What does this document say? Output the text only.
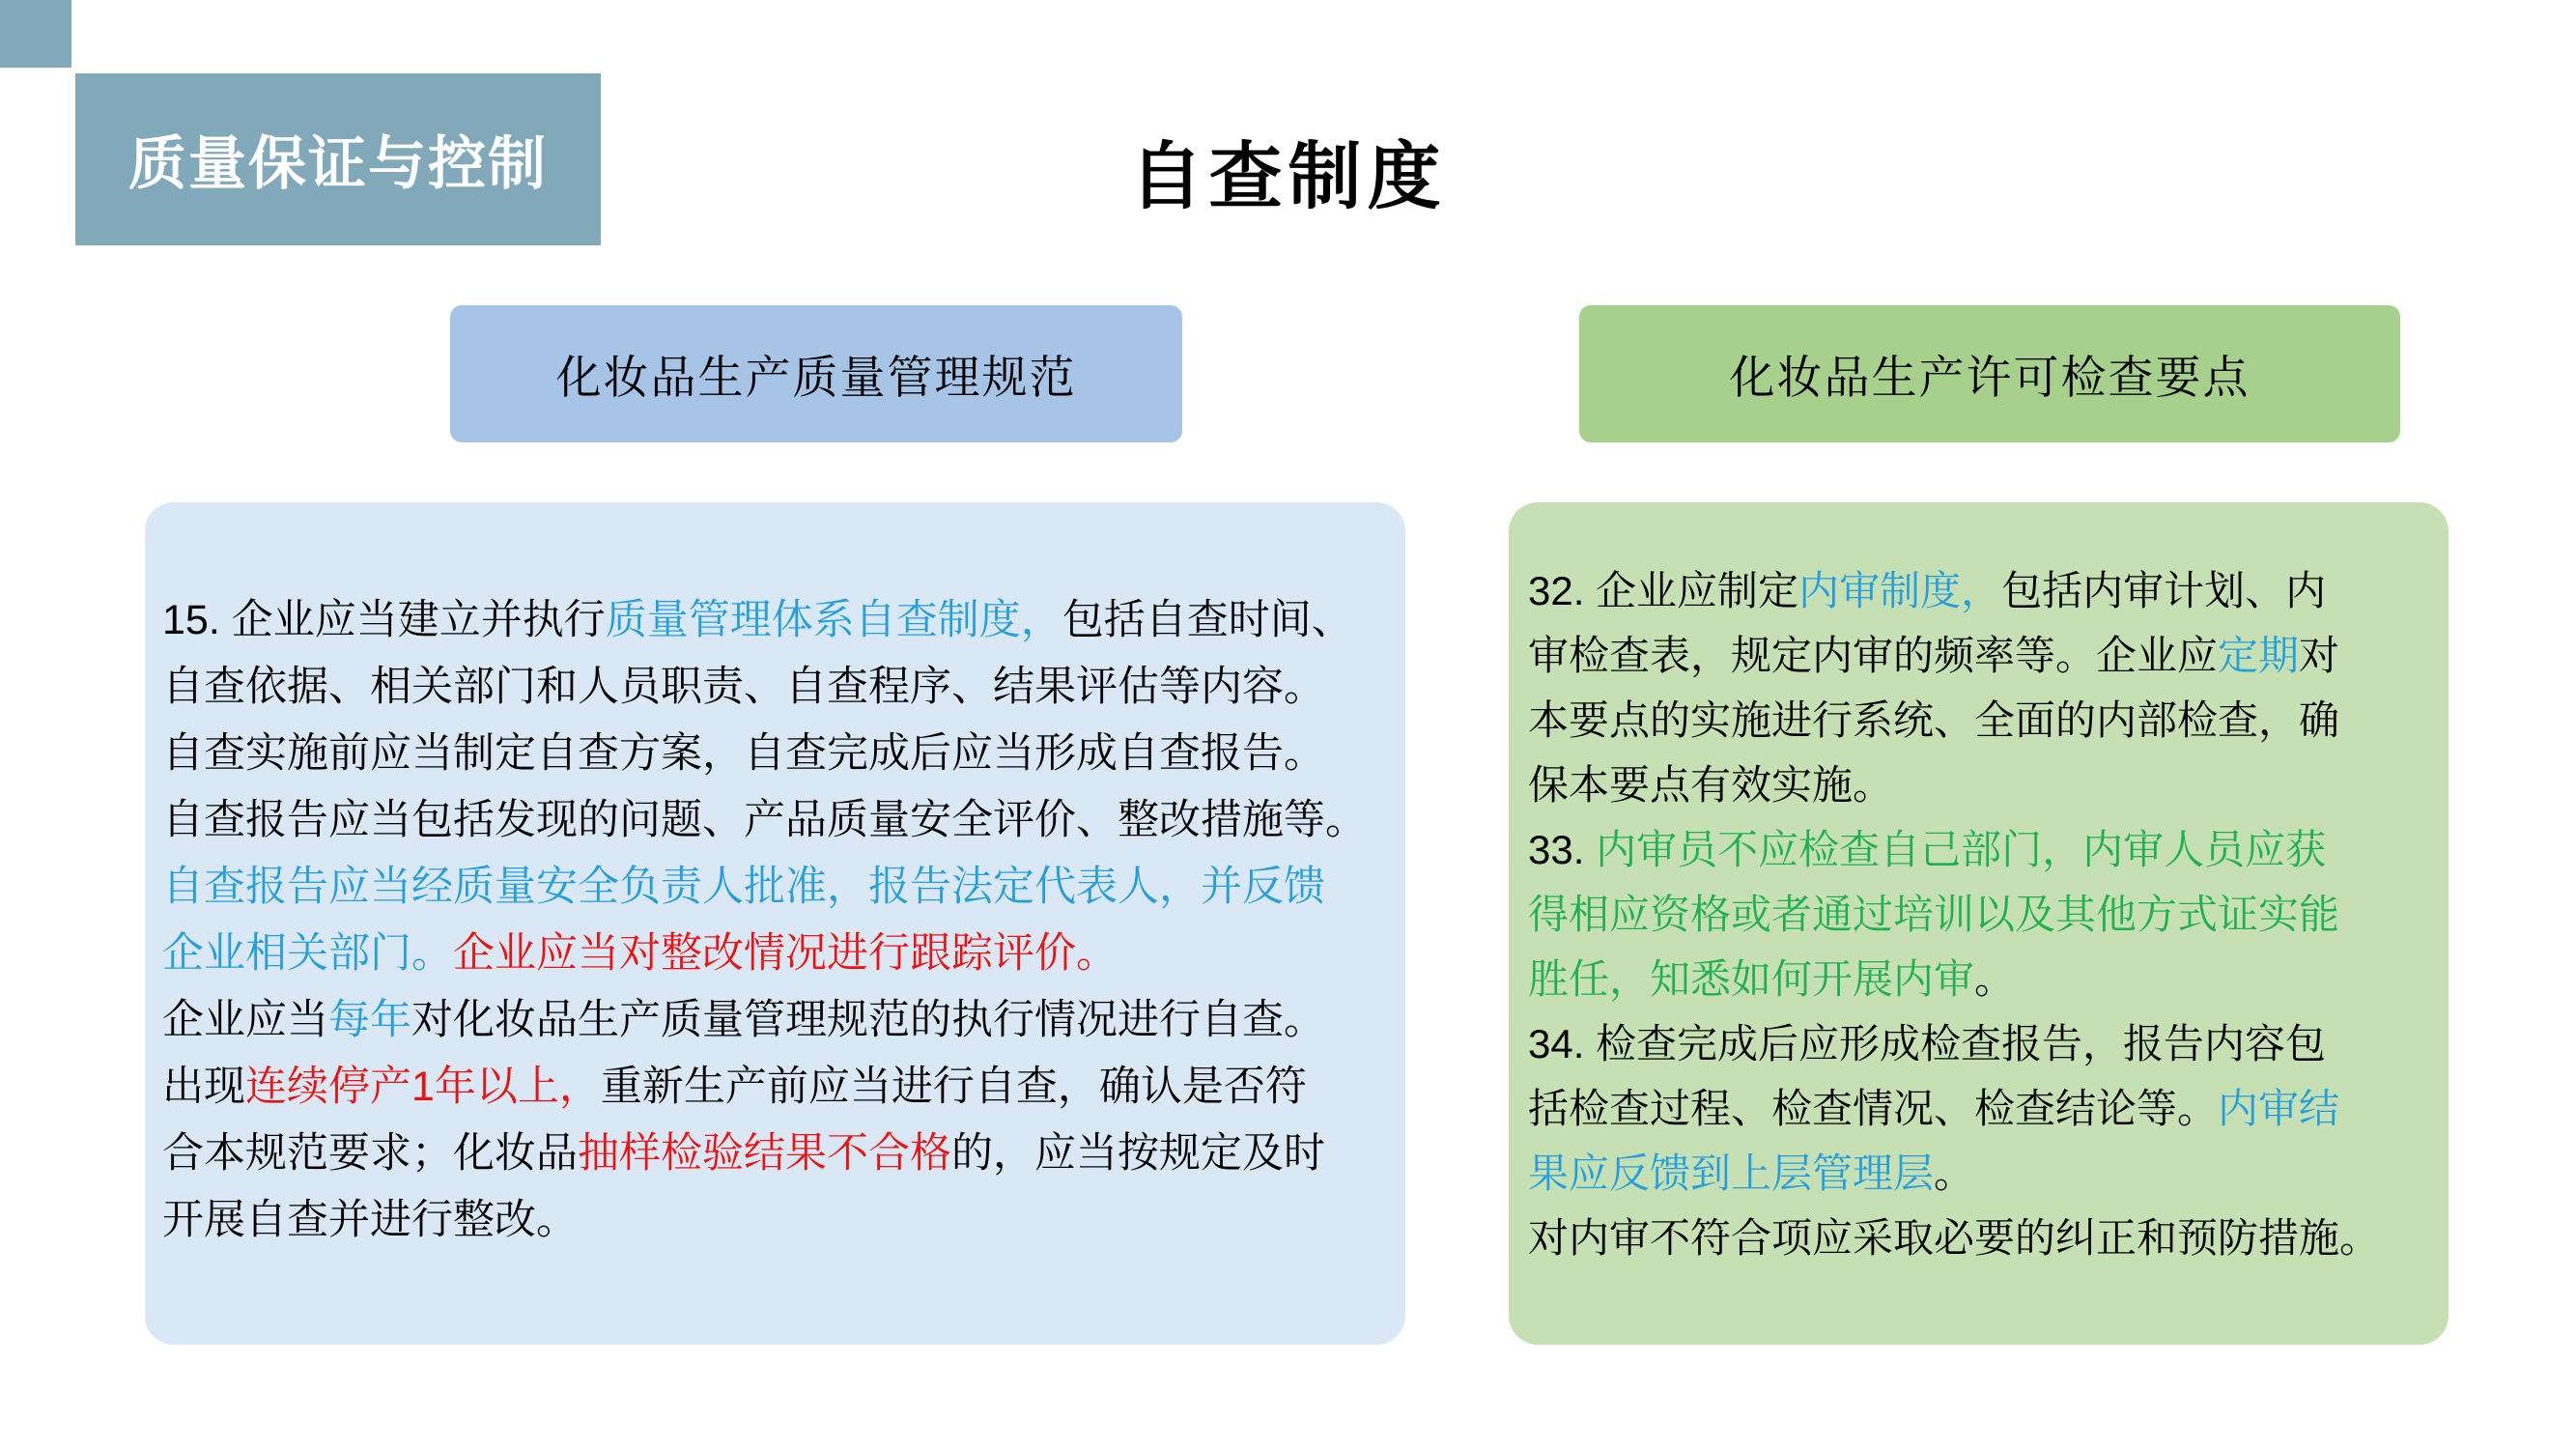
质量保证与控制	自查制度
化妆品生产质量管理规范	化妆品生产许可检查要点
15. 企业应当建立并执行质量管理体系自查制度，包括自查时间、
自查依据、相关部门和人员职责、自查程序、结果评估等内容。
自查实施前应当制定自查方案，自查完成后应当形成自查报告。
自查报告应当包括发现的问题、产品质量安全评价、整改措施等。
自查报告应当经质量安全负责人批准，报告法定代表人，并反馈
企业相关部门。企业应当对整改情况进行跟踪评价。
企业应当每年对化妆品生产质量管理规范的执行情况进行自查。
出现连续停产1年以上，重新生产前应当进行自查，确认是否符
合本规范要求；化妆品抽样检验结果不合格的，应当按规定及时
开展自查并进行整改。
32. 企业应制定内审制度，包括内审计划、内
审检查表，规定内审的频率等。企业应定期对
本要点的实施进行系统、全面的内部检查，确
保本要点有效实施。
33. 内审员不应检查自己部门，内审人员应获
得相应资格或者通过培训以及其他方式证实能
胜任，知悉如何开展内审。
34. 检查完成后应形成检查报告，报告内容包
括检查过程、检查情况、检查结论等。内审结
果应反馈到上层管理层。
对内审不符合项应采取必要的纠正和预防措施。
